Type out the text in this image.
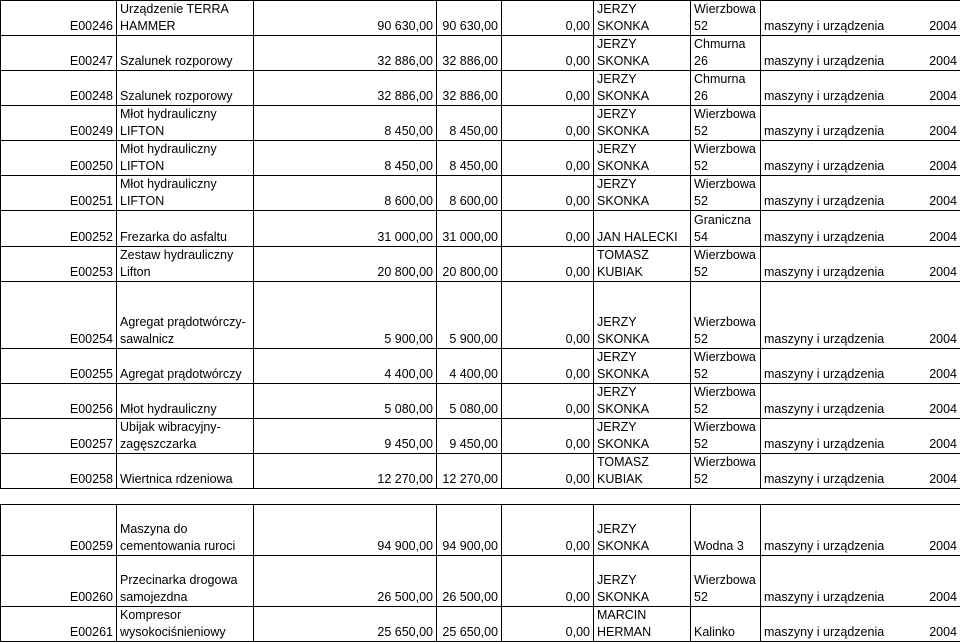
E00246	Urządzenie TERRA HAMMER	90 630,00	90 630,00	0,00	JERZY SKONKA	Wierzbowa 52	maszyny i urządzenia 2004

E00247	Szalunek rozporowy	32 886,00	32 886,00	0,00	JERZY SKONKA	Chmurna 26	maszyny i urządzenia 2004

E00248	Szalunek rozporowy	32 886,00	32 886,00	0,00	JERZY SKONKA	Chmurna 26	maszyny i urządzenia 2004

E00249	Młot hydrauliczny LIFTON	8 450,00	8 450,00	0,00	JERZY SKONKA	Wierzbowa 52	maszyny i urządzenia 2004

E00250	Młot hydrauliczny LIFTON	8 450,00	8 450,00	0,00	JERZY SKONKA	Wierzbowa 52	maszyny i urządzenia 2004

E00251	Młot hydrauliczny LIFTON	8 600,00	8 600,00	0,00	JERZY SKONKA	Wierzbowa 52	maszyny i urządzenia 2004

E00252	Frezarka do asfaltu	31 000,00	31 000,00	0,00	JAN HALECKI	Graniczna 54	maszyny i urządzenia 2004

E00253	Zestaw hydrauliczny Lifton	20 800,00	20 800,00	0,00	TOMASZ KUBIAK	Wierzbowa 52	maszyny i urządzenia 2004

E00254	Agregat prądotwórczy-sawalnicz	5 900,00	5 900,00	0,00	JERZY SKONKA	Wierzbowa 52	maszyny i urządzenia 2004

E00255	Agregat prądotwórczy	4 400,00	4 400,00	0,00	JERZY SKONKA	Wierzbowa 52	maszyny i urządzenia 2004

E00256	Młot hydrauliczny	5 080,00	5 080,00	0,00	JERZY SKONKA	Wierzbowa 52	maszyny i urządzenia 2004

E00257	Ubijak wibracyjny-zagęszczarka	9 450,00	9 450,00	0,00	JERZY SKONKA	Wierzbowa 52	maszyny i urządzenia 2004

E00258	Wiertnica rdzeniowa	12 270,00	12 270,00	0,00	TOMASZ KUBIAK	Wierzbowa 52	maszyny i urządzenia 2004

E00259	Maszyna do cementowania ruroci	94 900,00	94 900,00	0,00	JERZY SKONKA	Wodna 3	maszyny i urządzenia 2004

E00260	Przecinarka drogowa samojezdna	26 500,00	26 500,00	0,00	JERZY SKONKA	Wierzbowa 52	maszyny i urządzenia 2004

E00261	Kompresor wysokociśnieniowy	25 650,00	25 650,00	0,00	MARCIN HERMAN	Kalinko	maszyny i urządzenia 2004
